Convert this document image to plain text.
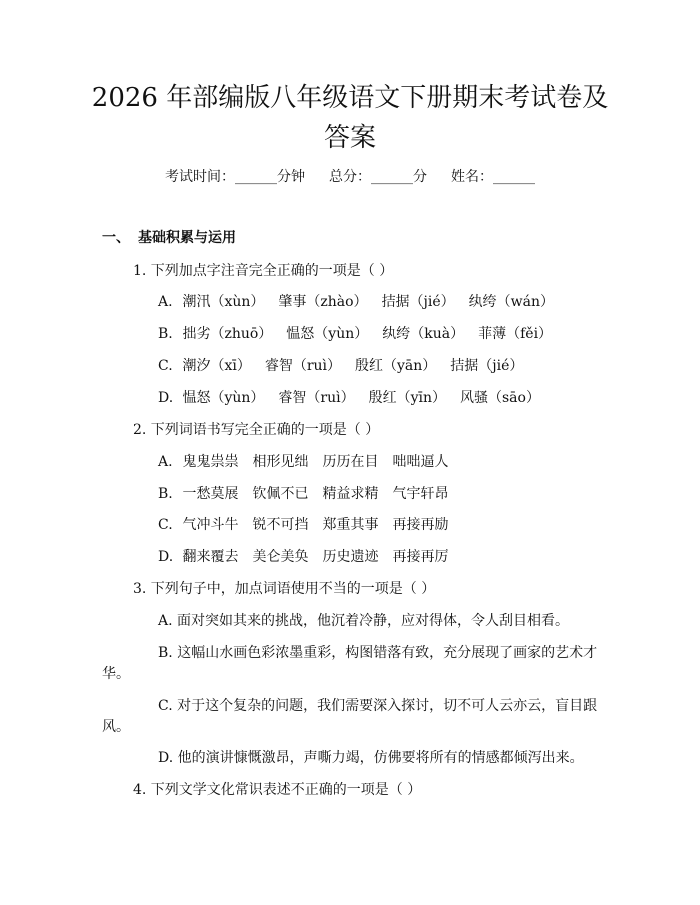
2026 年部编版八年级语文下册期末考试卷及
答案
考试时间：______分钟 总分：______分 姓名：______
一、 基础积累与运用
1. 下列加点字注音完全正确的一项是（ ）
A. 潮汛（xùn） 肇事（zhào） 拮据（jié） 纨绔（wán）
B. 拙劣（zhuō） 愠怒（yùn） 纨绔（kuà） 菲薄（fěi）
C. 潮汐（xī） 睿智（ruì） 殷红（yān） 拮据（jié）
D. 愠怒（yùn） 睿智（ruì） 殷红（yīn） 风骚（sāo）
2. 下列词语书写完全正确的一项是（ ）
A. 鬼鬼祟祟 相形见绌 历历在目 咄咄逼人
B. 一愁莫展 钦佩不已 精益求精 气宇轩昂
C. 气冲斗牛 锐不可挡 郑重其事 再接再励
D. 翻来覆去 美仑美奂 历史遗迹 再接再厉
3. 下列句子中，加点词语使用不当的一项是（ ）
A. 面对突如其来的挑战，他沉着冷静，应对得体，令人刮目相看。
B. 这幅山水画色彩浓墨重彩，构图错落有致，充分展现了画家的艺术才
华。
C. 对于这个复杂的问题，我们需要深入探讨，切不可人云亦云，盲目跟
风。
D. 他的演讲慷慨激昂，声嘶力竭，仿佛要将所有的情感都倾泻出来。
4. 下列文学文化常识表述不正确的一项是（ ）
